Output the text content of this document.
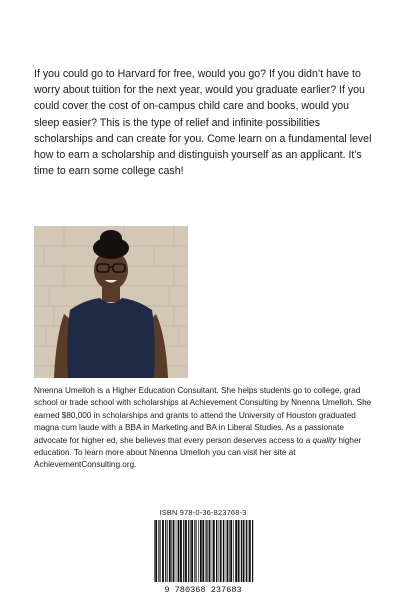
If you could go to Harvard for free, would you go? If you didn’t have to worry about tuition for the next year, would you graduate earlier? If you could cover the cost of on-campus child care and books, would you sleep easier? This is the type of relief and infinite possibilities scholarships and can create for you. Come learn on a fundamental level how to earn a scholarship and distinguish yourself as an applicant. It’s time to earn some college cash!

Nnenna Umelloh is a Higher Education Consultant. She helps students go to college, grad school or trade school with scholarships at Achievement Consulting by Nnenna Umelloh. She earned $80,000 in scholarships and grants to attend the University of Houston graduated magna cum laude with a BBA in Marketing and BA in Liberal Studies. As a passionate advocate for higher ed, she believes that every person deserves access to a quality higher education. To learn more about Nnenna Umelloh you can visit her site at AchievementConsulting.org.

ISBN 978-0-36-823768-3
9 780368 237683
